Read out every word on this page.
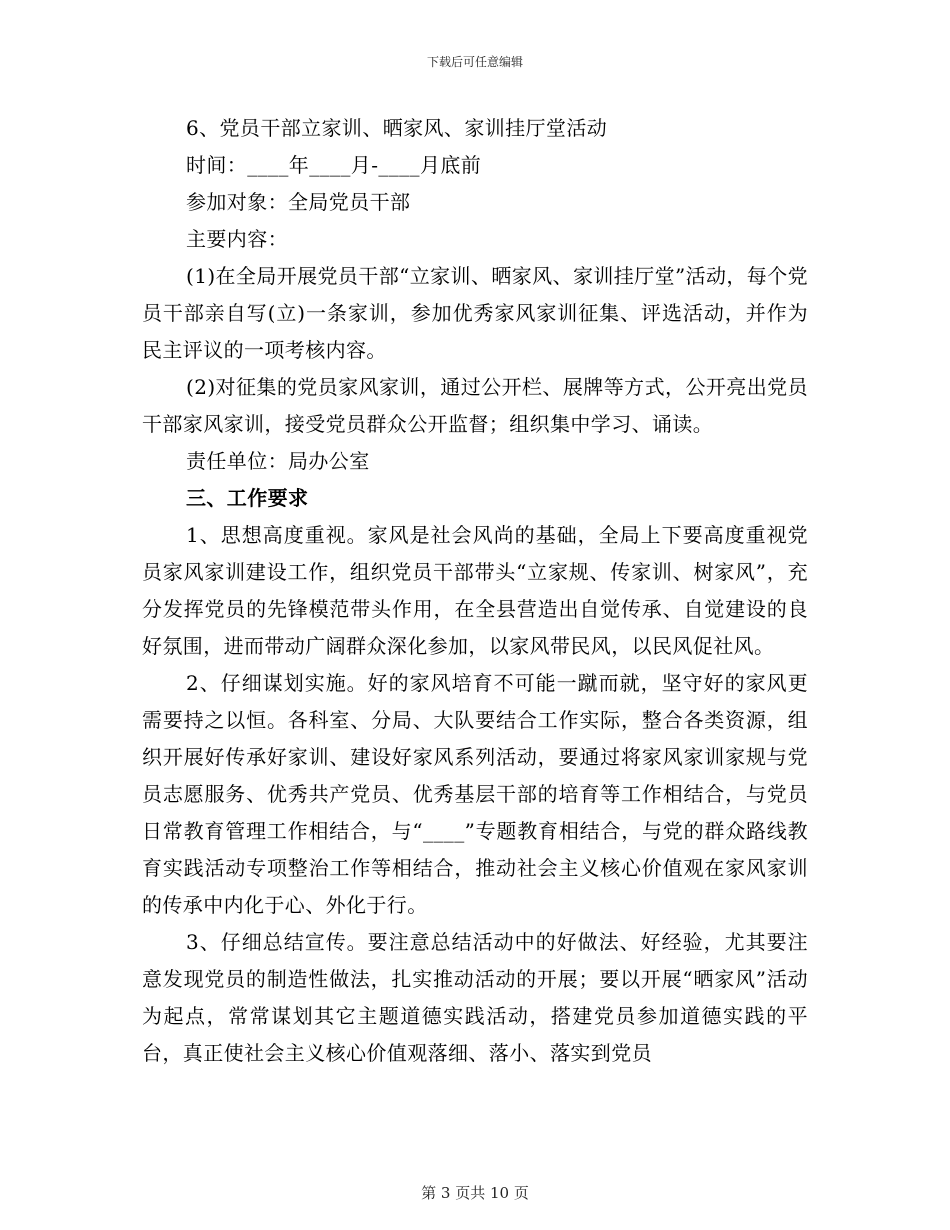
下载后可任意编辑

6、党员干部立家训、晒家风、家训挂厅堂活动

时间：____年____月-____月底前

参加对象：全局党员干部

主要内容：

(1)在全局开展党员干部“立家训、晒家风、家训挂厅堂”活动，每个党员干部亲自写(立)一条家训，参加优秀家风家训征集、评选活动，并作为民主评议的一项考核内容。

(2)对征集的党员家风家训，通过公开栏、展牌等方式，公开亮出党员干部家风家训，接受党员群众公开监督；组织集中学习、诵读。

责任单位：局办公室

三、工作要求

1、思想高度重视。家风是社会风尚的基础，全局上下要高度重视党员家风家训建设工作，组织党员干部带头“立家规、传家训、树家风”，充分发挥党员的先锋模范带头作用，在全县营造出自觉传承、自觉建设的良好氛围，进而带动广阔群众深化参加，以家风带民风，以民风促社风。

2、仔细谋划实施。好的家风培育不可能一蹴而就，坚守好的家风更需要持之以恒。各科室、分局、大队要结合工作实际，整合各类资源，组织开展好传承好家训、建设好家风系列活动，要通过将家风家训家规与党员志愿服务、优秀共产党员、优秀基层干部的培育等工作相结合，与党员日常教育管理工作相结合，与“____”专题教育相结合，与党的群众路线教育实践活动专项整治工作等相结合，推动社会主义核心价值观在家风家训的传承中内化于心、外化于行。

3、仔细总结宣传。要注意总结活动中的好做法、好经验，尤其要注意发现党员的制造性做法，扎实推动活动的开展；要以开展“晒家风”活动为起点，常常谋划其它主题道德实践活动，搭建党员参加道德实践的平台，真正使社会主义核心价值观落细、落小、落实到党员

第 3 页共 10 页
